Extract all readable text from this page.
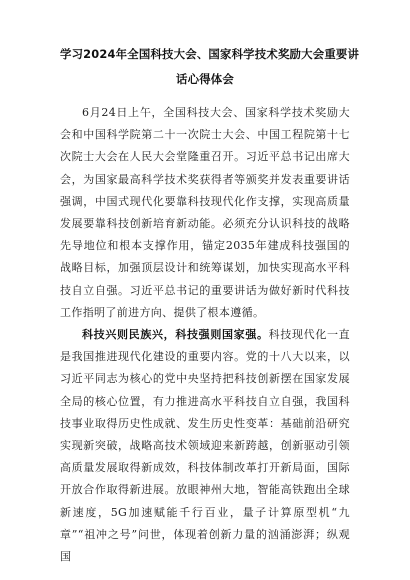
学习2024年全国科技大会、国家科学技术奖励大会重要讲
话心得体会

6月24日上午，全国科技大会、国家科学技术奖励大会和中国科学院第二十一次院士大会、中国工程院第十七次院士大会在人民大会堂隆重召开。习近平总书记出席大会，为国家最高科学技术奖获得者等颁奖并发表重要讲话强调，中国式现代化要靠科技现代化作支撑，实现高质量发展要靠科技创新培育新动能。必须充分认识科技的战略先导地位和根本支撑作用，锚定2035年建成科技强国的战略目标，加强顶层设计和统筹谋划，加快实现高水平科技自立自强。习近平总书记的重要讲话为做好新时代科技工作指明了前进方向、提供了根本遵循。

科技兴则民族兴，科技强则国家强。科技现代化一直是我国推进现代化建设的重要内容。党的十八大以来，以习近平同志为核心的党中央坚持把科技创新摆在国家发展全局的核心位置，有力推进高水平科技自立自强，我国科技事业取得历史性成就、发生历史性变革：基础前沿研究实现新突破，战略高技术领域迎来新跨越，创新驱动引领高质量发展取得新成效，科技体制改革打开新局面，国际开放合作取得新进展。放眼神州大地，智能高铁跑出全球新速度，5G加速赋能千行百业，量子计算原型机“九章”“祖冲之号”问世，体现着创新力量的汹涌澎湃；纵观国
